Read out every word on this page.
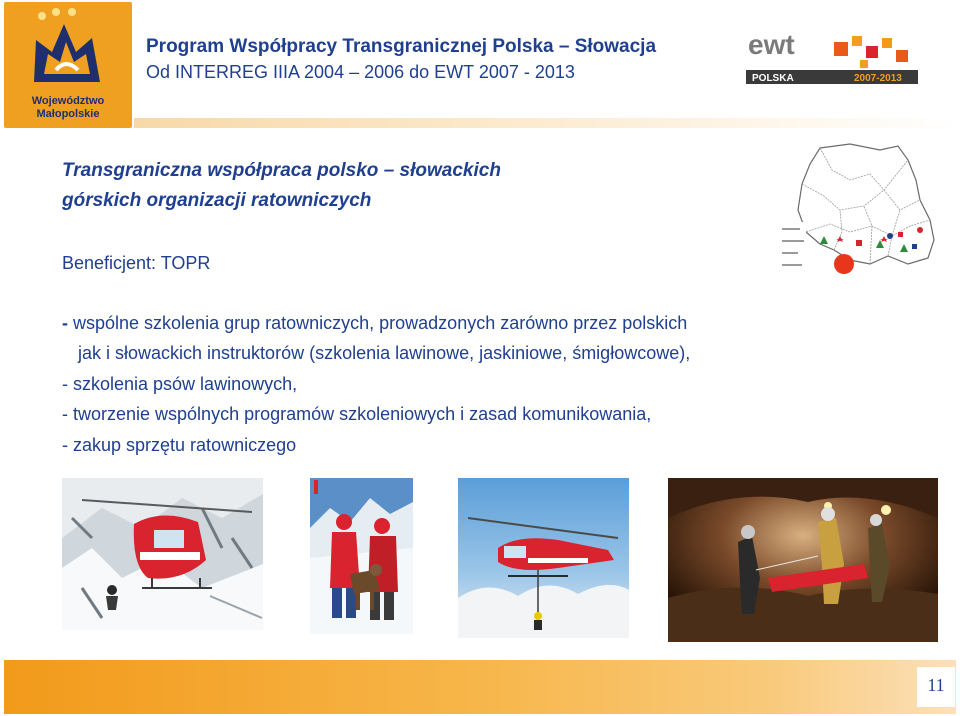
Województwo
Małopolskie
Program Współpracy Transgranicznej Polska – Słowacja
Od INTERREG IIIA 2004 – 2006 do EWT 2007 - 2013
ewt
POLSKA	2007-2013
Transgraniczna współpraca polsko – słowackich
górskich organizacji ratowniczych
Beneficjent: TOPR
- wspólne szkolenia grup ratowniczych, prowadzonych zarówno przez polskich
jak i słowackich instruktorów (szkolenia lawinowe, jaskiniowe, śmigłowcowe),
- szkolenia psów lawinowych,
- tworzenie wspólnych programów szkoleniowych i zasad komunikowania,
- zakup sprzętu ratowniczego
11
